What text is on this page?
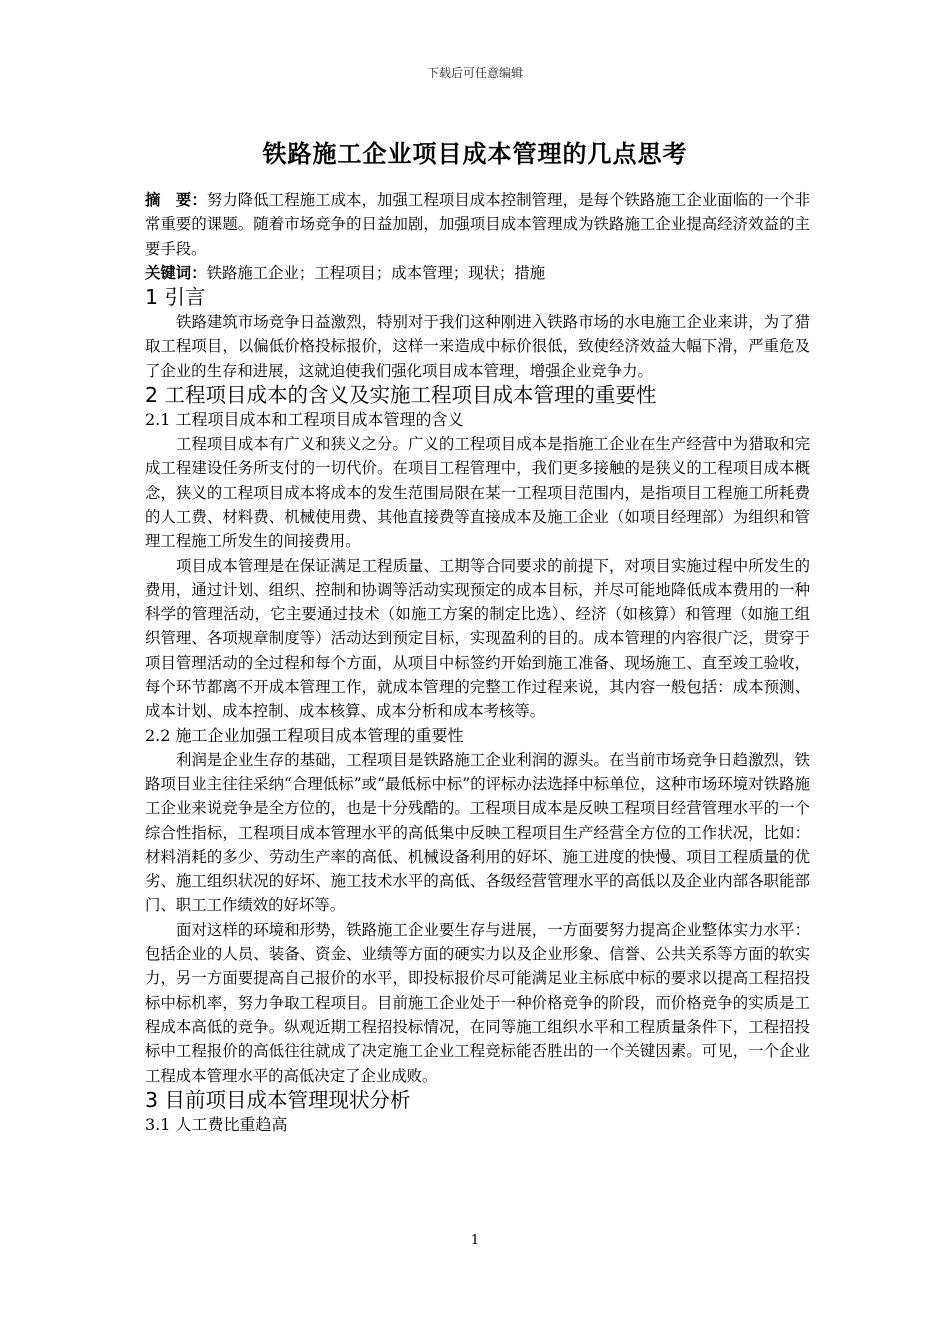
下载后可任意编辑
铁路施工企业项目成本管理的几点思考

摘　要：努力降低工程施工成本，加强工程项目成本控制管理，是每个铁路施工企业面临的一个非常重要的课题。随着市场竞争的日益加剧，加强项目成本管理成为铁路施工企业提高经济效益的主要手段。

关键词：铁路施工企业；工程项目；成本管理；现状；措施

1 引言

铁路建筑市场竞争日益激烈，特别对于我们这种刚进入铁路市场的水电施工企业来讲，为了猎取工程项目，以偏低价格投标报价，这样一来造成中标价很低，致使经济效益大幅下滑，严重危及了企业的生存和进展，这就迫使我们强化项目成本管理，增强企业竞争力。

2 工程项目成本的含义及实施工程项目成本管理的重要性
2.1 工程项目成本和工程项目成本管理的含义

工程项目成本有广义和狭义之分。广义的工程项目成本是指施工企业在生产经营中为猎取和完成工程建设任务所支付的一切代价。在项目工程管理中，我们更多接触的是狭义的工程项目成本概念，狭义的工程项目成本将成本的发生范围局限在某一工程项目范围内，是指项目工程施工所耗费的人工费、材料费、机械使用费、其他直接费等直接成本及施工企业（如项目经理部）为组织和管理工程施工所发生的间接费用。

项目成本管理是在保证满足工程质量、工期等合同要求的前提下，对项目实施过程中所发生的费用，通过计划、组织、控制和协调等活动实现预定的成本目标，并尽可能地降低成本费用的一种科学的管理活动，它主要通过技术（如施工方案的制定比选）、经济（如核算）和管理（如施工组织管理、各项规章制度等）活动达到预定目标，实现盈利的目的。成本管理的内容很广泛，贯穿于项目管理活动的全过程和每个方面，从项目中标签约开始到施工准备、现场施工、直至竣工验收，每个环节都离不开成本管理工作，就成本管理的完整工作过程来说，其内容一般包括：成本预测、成本计划、成本控制、成本核算、成本分析和成本考核等。

2.2 施工企业加强工程项目成本管理的重要性

利润是企业生存的基础，工程项目是铁路施工企业利润的源头。在当前市场竞争日趋激烈，铁路项目业主往往采纳“合理低标”或“最低标中标”的评标办法选择中标单位，这种市场环境对铁路施工企业来说竞争是全方位的，也是十分残酷的。工程项目成本是反映工程项目经营管理水平的一个综合性指标，工程项目成本管理水平的高低集中反映工程项目生产经营全方位的工作状况，比如：材料消耗的多少、劳动生产率的高低、机械设备利用的好坏、施工进度的快慢、项目工程质量的优劣、施工组织状况的好坏、施工技术水平的高低、各级经营管理水平的高低以及企业内部各职能部门、职工工作绩效的好坏等。

面对这样的环境和形势，铁路施工企业要生存与进展，一方面要努力提高企业整体实力水平：包括企业的人员、装备、资金、业绩等方面的硬实力以及企业形象、信誉、公共关系等方面的软实力，另一方面要提高自己报价的水平，即投标报价尽可能满足业主标底中标的要求以提高工程招投标中标机率，努力争取工程项目。目前施工企业处于一种价格竞争的阶段，而价格竞争的实质是工程成本高低的竞争。纵观近期工程招投标情况，在同等施工组织水平和工程质量条件下，工程招投标中工程报价的高低往往就成了决定施工企业工程竞标能否胜出的一个关键因素。可见，一个企业工程成本管理水平的高低决定了企业成败。

3 目前项目成本管理现状分析
3.1 人工费比重趋高
1
